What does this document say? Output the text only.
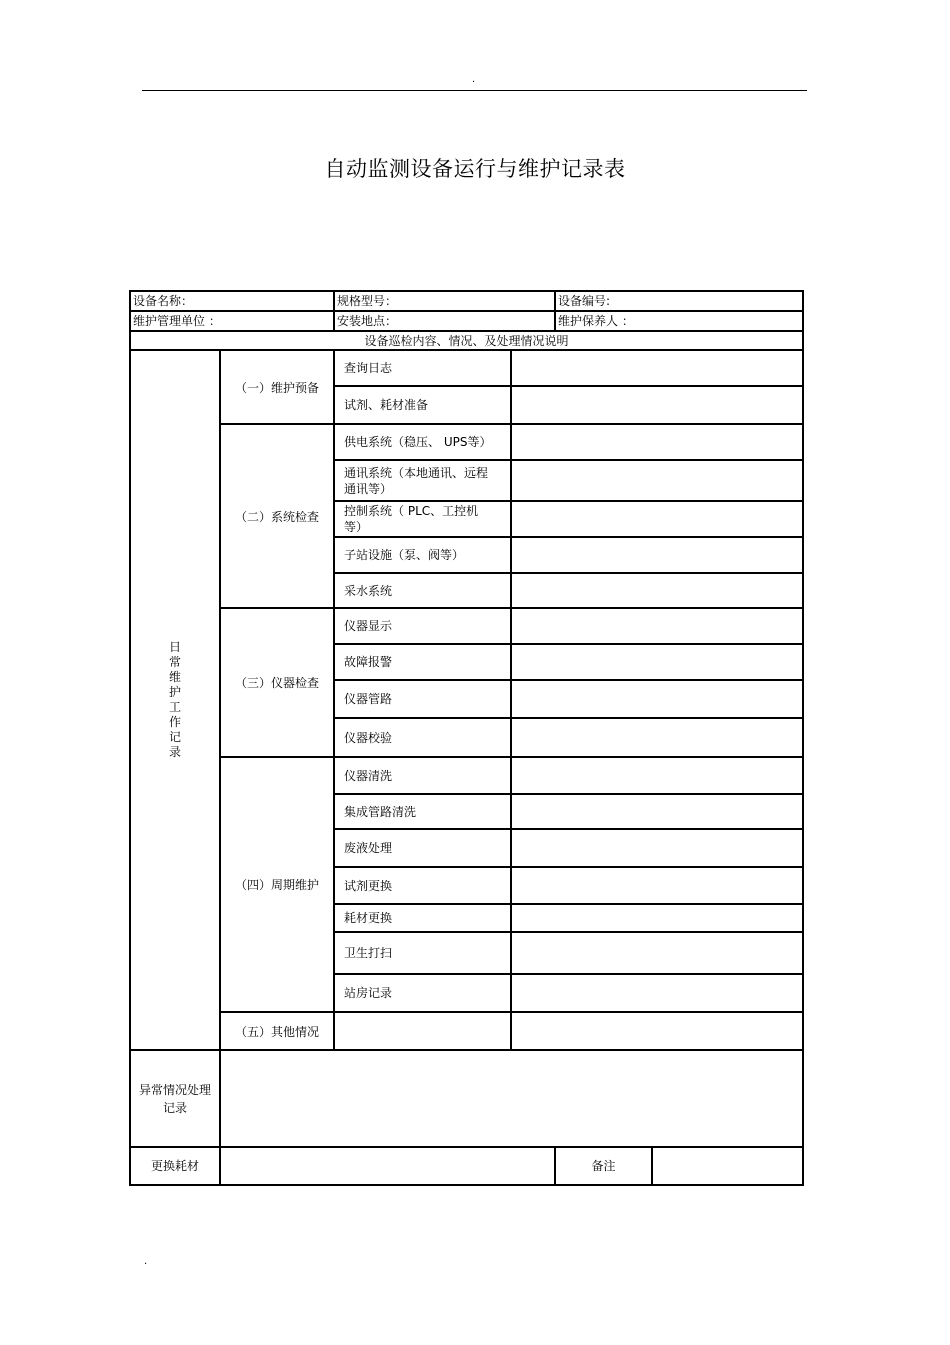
.
自动监测设备运行与维护记录表
设备名称：		规格型号：		设备编号:	
维护管理单位 ：		安装地点：		维护保养人 ：	
设备巡检内容、情况、及处理情况说明					
日常维护工作记录	（一）维护预备	查询日志			
		试剂、耗材准备			
	（二）系统检查	供电系统（稳压、 UPS等）			
		通讯系统（本地通讯、远程通讯等）			
		控制系统（ PLC、工控机等）			
		子站设施（泵、阀等）			
		采水系统			
	（三）仪器检查	仪器显示			
		故障报警			
		仪器管路			
		仪器校验			
	（四）周期维护	仪器清洗			
		集成管路清洗			
		废液处理			
		试剂更换			
		耗材更换			
		卫生打扫			
		站房记录			
	（五）其他情况				
异常情况处理记录					
更换耗材				备注	
.
